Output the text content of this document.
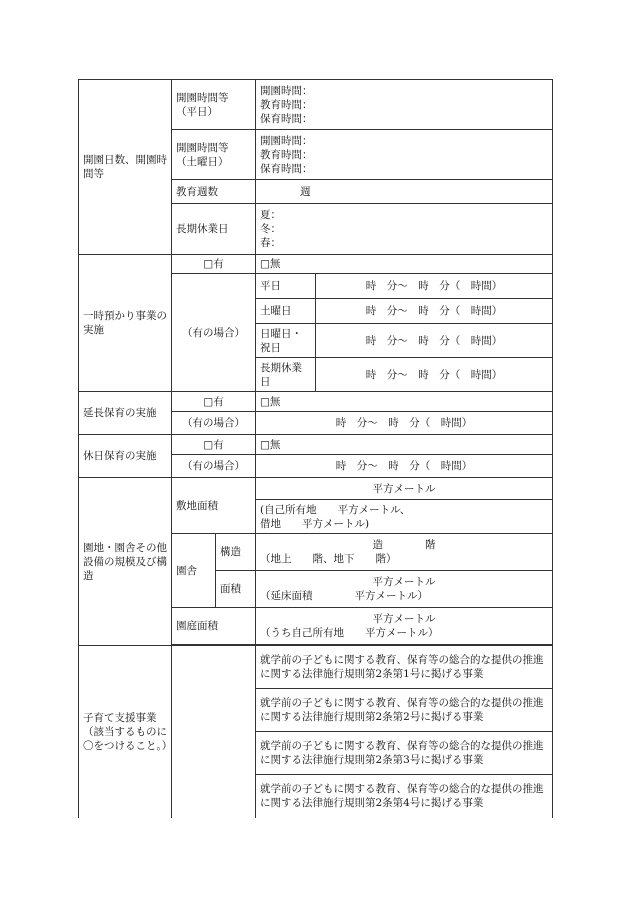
開園日数、開園時間等	開園時間等
（平日）		開園時間：
教育時間：
保育時間：	

	開園時間等
（土曜日）		開園時間：
教育時間：
保育時間：	

	教育週数		週	
	長期休業日		夏：
冬：
春：	

一時預かり事業の実施	□有		□無	
	（有の場合）		平日	時　分～　時　分（　時間）
			土曜日	時　分～　時　分（　時間）
			日曜日・祝日	時　分～　時　分（　時間）
			長期休業日	時　分～　時　分（　時間）
延長保育の実施	□有		□無	
	（有の場合）		時　分～　時　分（　時間）	
休日保育の実施	□有		□無	
	（有の場合）		時　分～　時　分（　時間）	
園地・園舎その他設備の規模及び構造	敷地面積		平方メートル	
			(自己所有地　　平方メートル、
借地　　平方メートル)	
	園舎	構造	造　　　　階
（地上　　階、地下　　階）	

		面積	平方メートル
（延床面積　　　　平方メートル）	

	園庭面積		平方メートル
（うち自己所有地　　平方メートル）	

子育て支援事業
（該当するものに〇をつけること。）			就学前の子どもに関する教育、保育等の総合的な提供の推進に関する法律施行規則第2条第1号に掲げる事業	
			就学前の子どもに関する教育、保育等の総合的な提供の推進に関する法律施行規則第2条第2号に掲げる事業	
			就学前の子どもに関する教育、保育等の総合的な提供の推進に関する法律施行規則第2条第3号に掲げる事業	
			就学前の子どもに関する教育、保育等の総合的な提供の推進に関する法律施行規則第2条第4号に掲げる事業	
